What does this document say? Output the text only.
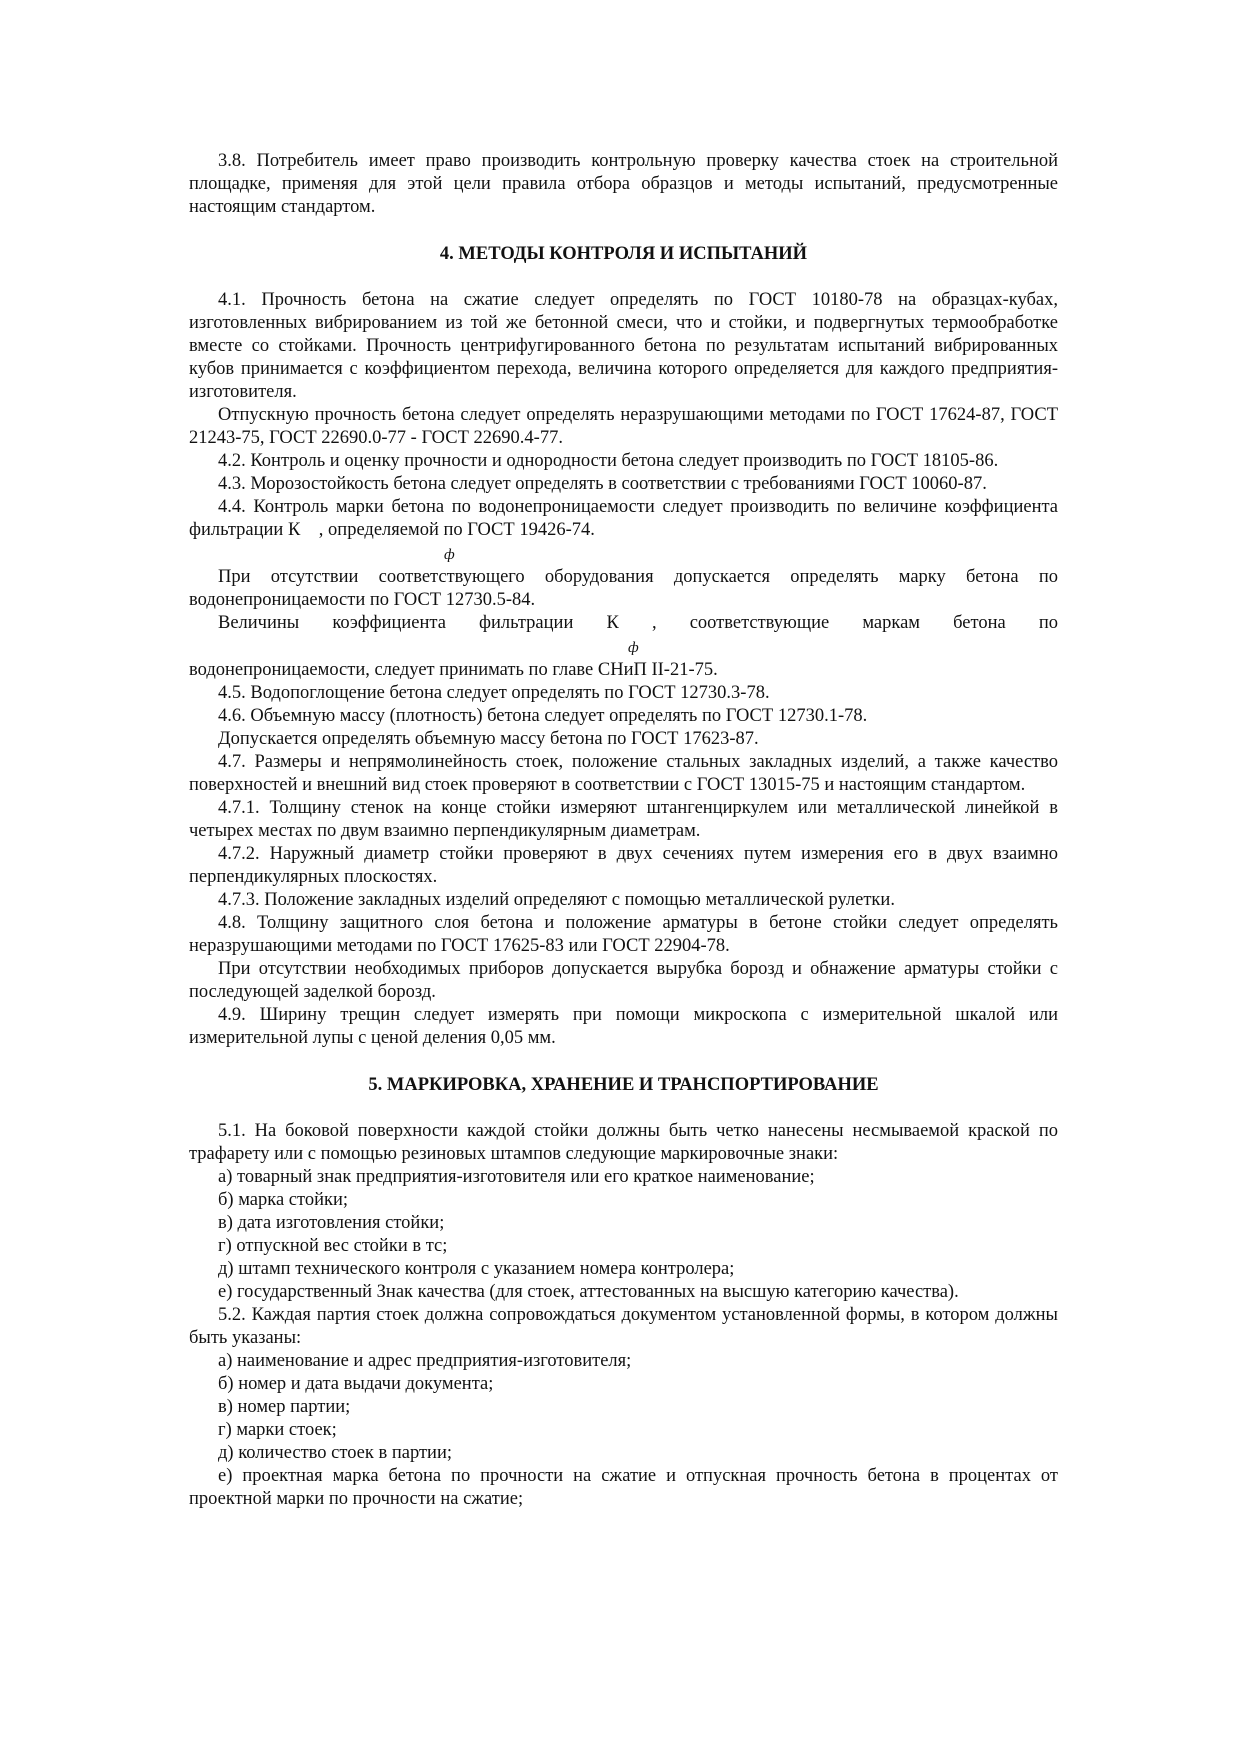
3.8. Потребитель имеет право производить контрольную проверку качества стоек на строительной площадке, применяя для этой цели правила отбора образцов и методы испытаний, предусмотренные настоящим стандартом.

4. МЕТОДЫ КОНТРОЛЯ И ИСПЫТАНИЙ

4.1. Прочность бетона на сжатие следует определять по ГОСТ 10180-78 на образцах-кубах, изготовленных вибрированием из той же бетонной смеси, что и стойки, и подвергнутых термообработке вместе со стойками. Прочность центрифугированного бетона по результатам испытаний вибрированных кубов принимается с коэффициентом перехода, величина которого определяется для каждого предприятия-изготовителя.

Отпускную прочность бетона следует определять неразрушающими методами по ГОСТ 17624-87, ГОСТ 21243-75, ГОСТ 22690.0-77 - ГОСТ 22690.4-77.

4.2. Контроль и оценку прочности и однородности бетона следует производить по ГОСТ 18105-86.

4.3. Морозостойкость бетона следует определять в соответствии с требованиями ГОСТ 10060-87.

4.4. Контроль марки бетона по водонепроницаемости следует производить по величине коэффициента фильтрации К    , определяемой по ГОСТ 19426-74.

ф

При отсутствии соответствующего оборудования допускается определять марку бетона по водонепроницаемости по ГОСТ 12730.5-84.

Величины коэффициента фильтрации К , соответствующие маркам бетона по

ф

водонепроницаемости, следует принимать по главе СНиП II-21-75.

4.5. Водопоглощение бетона следует определять по ГОСТ 12730.3-78.

4.6. Объемную массу (плотность) бетона следует определять по ГОСТ 12730.1-78.

Допускается определять объемную массу бетона по ГОСТ 17623-87.

4.7. Размеры и непрямолинейность стоек, положение стальных закладных изделий, а также качество поверхностей и внешний вид стоек проверяют в соответствии с ГОСТ 13015-75 и настоящим стандартом.

4.7.1. Толщину стенок на конце стойки измеряют штангенциркулем или металлической линейкой в четырех местах по двум взаимно перпендикулярным диаметрам.

4.7.2. Наружный диаметр стойки проверяют в двух сечениях путем измерения его в двух взаимно перпендикулярных плоскостях.

4.7.3. Положение закладных изделий определяют с помощью металлической рулетки.

4.8. Толщину защитного слоя бетона и положение арматуры в бетоне стойки следует определять неразрушающими методами по ГОСТ 17625-83 или ГОСТ 22904-78.

При отсутствии необходимых приборов допускается вырубка борозд и обнажение арматуры стойки с последующей заделкой борозд.

4.9. Ширину трещин следует измерять при помощи микроскопа с измерительной шкалой или измерительной лупы с ценой деления 0,05 мм.

5. МАРКИРОВКА, ХРАНЕНИЕ И ТРАНСПОРТИРОВАНИЕ

5.1. На боковой поверхности каждой стойки должны быть четко нанесены несмываемой краской по трафарету или с помощью резиновых штампов следующие маркировочные знаки:

а) товарный знак предприятия-изготовителя или его краткое наименование;

б) марка стойки;

в) дата изготовления стойки;

г) отпускной вес стойки в тс;

д) штамп технического контроля с указанием номера контролера;

е) государственный Знак качества (для стоек, аттестованных на высшую категорию качества).

5.2. Каждая партия стоек должна сопровождаться документом установленной формы, в котором должны быть указаны:

а) наименование и адрес предприятия-изготовителя;

б) номер и дата выдачи документа;

в) номер партии;

г) марки стоек;

д) количество стоек в партии;

е) проектная марка бетона по прочности на сжатие и отпускная прочность бетона в процентах от проектной марки по прочности на сжатие;
